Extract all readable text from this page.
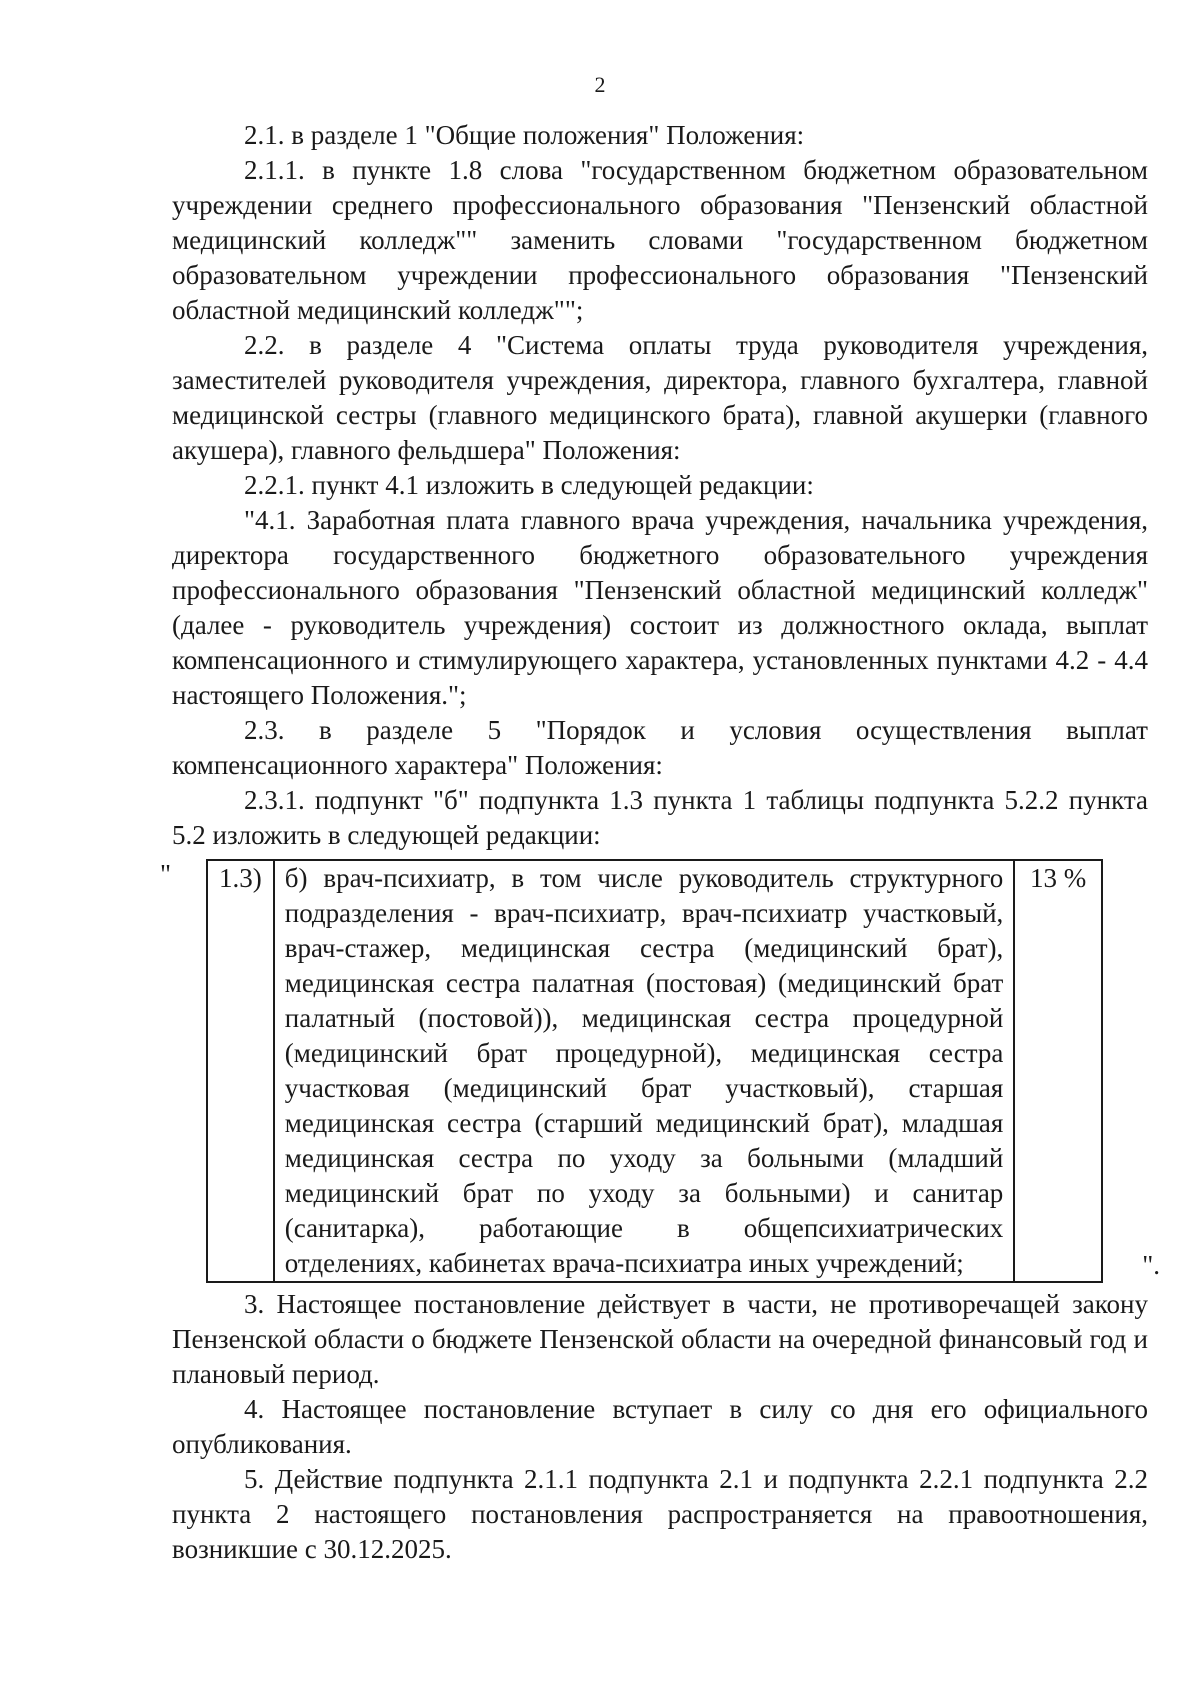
2

2.1. в разделе 1 "Общие положения" Положения:

2.1.1. в пункте 1.8 слова "государственном бюджетном образовательном учреждении среднего профессионального образования "Пензенский областной медицинский колледж"" заменить словами "государственном бюджетном образовательном учреждении профессионального образования "Пензенский областной медицинский колледж"";

2.2. в разделе 4 "Система оплаты труда руководителя учреждения, заместителей руководителя учреждения, директора, главного бухгалтера, главной медицинской сестры (главного медицинского брата), главной акушерки (главного акушера), главного фельдшера" Положения:

2.2.1. пункт 4.1 изложить в следующей редакции:

"4.1. Заработная плата главного врача учреждения, начальника учреждения, директора государственного бюджетного образовательного учреждения профессионального образования "Пензенский областной медицинский колледж" (далее - руководитель учреждения) состоит из должностного оклада, выплат компенсационного и стимулирующего характера, установленных пунктами 4.2 - 4.4 настоящего Положения.";

2.3. в разделе 5 "Порядок и условия осуществления выплат компенсационного характера" Положения:

2.3.1. подпункт "б" подпункта 1.3 пункта 1 таблицы подпункта 5.2.2 пункта 5.2 изложить в следующей редакции:

" 1.3)	б) врач-психиатр, в том числе руководитель структурного подразделения - врач-психиатр, врач-психиатр участковый, врач-стажер, медицинская сестра (медицинский брат), медицинская сестра палатная (постовая) (медицинский брат палатный (постовой)), медицинская сестра процедурной (медицинский брат процедурной), медицинская сестра участковая (медицинский брат участковый), старшая медицинская сестра (старший медицинский брат), младшая медицинская сестра по уходу за больными (младший медицинский брат по уходу за больными) и санитар (санитарка), работающие в общепсихиатрических отделениях, кабинетах врача-психиатра иных учреждений;	13 %
".

3. Настоящее постановление действует в части, не противоречащей закону Пензенской области о бюджете Пензенской области на очередной финансовый год и плановый период.

4. Настоящее постановление вступает в силу со дня его официального опубликования.

5. Действие подпункта 2.1.1 подпункта 2.1 и подпункта 2.2.1 подпункта 2.2 пункта 2 настоящего постановления распространяется на правоотношения, возникшие с 30.12.2025.
